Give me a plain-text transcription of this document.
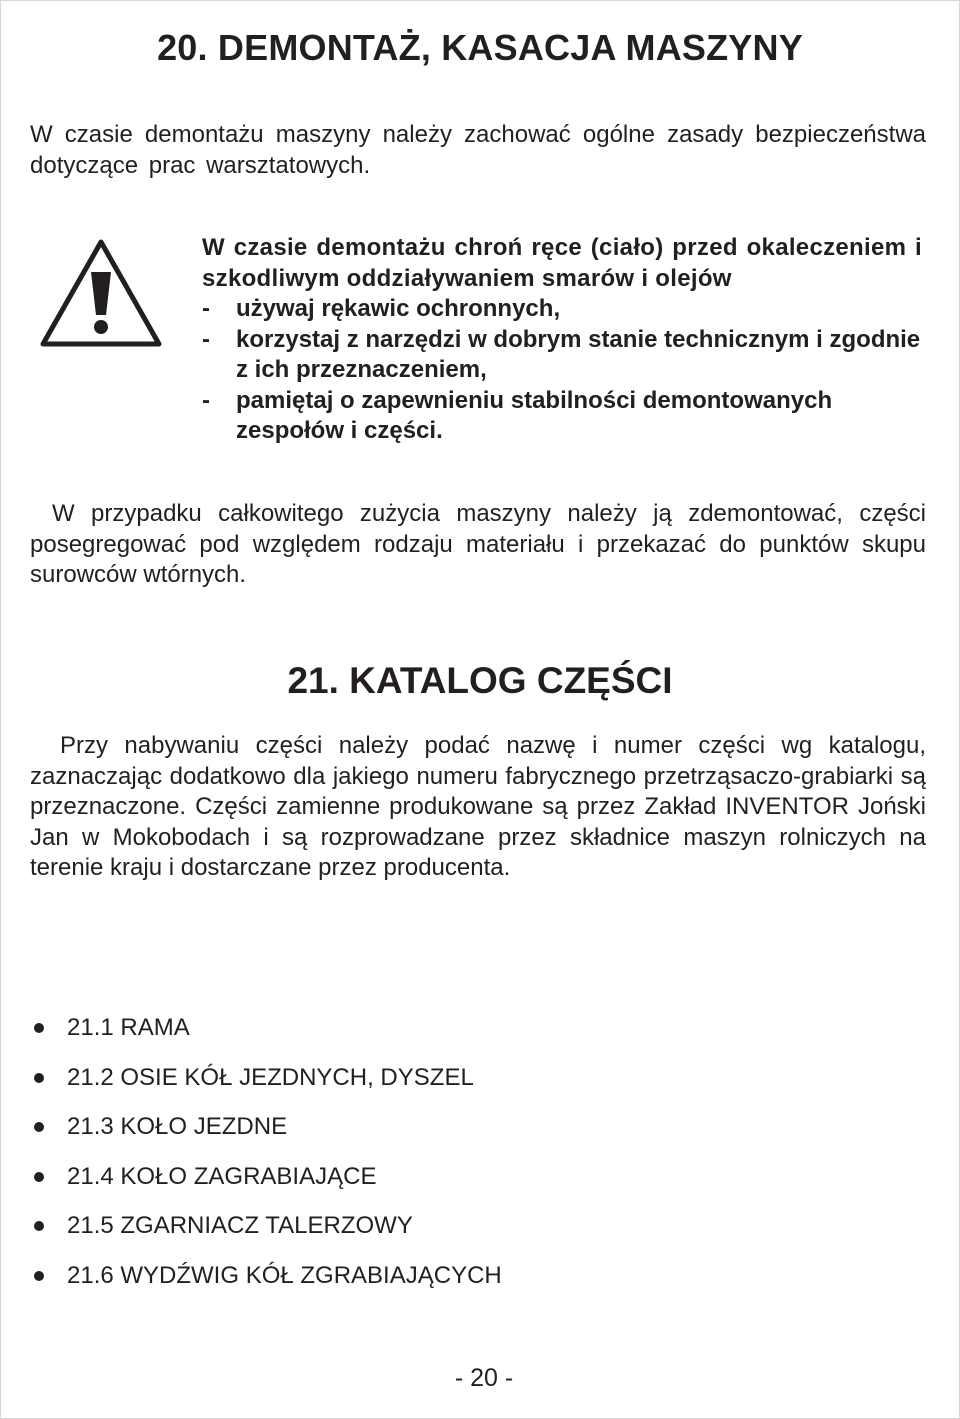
20. DEMONTAŻ, KASACJA MASZYNY

W czasie demontażu maszyny należy zachować ogólne zasady bezpieczeństwa dotyczące prac warsztatowych.

W czasie demontażu chroń ręce (ciało) przed okaleczeniem i szkodliwym oddziaływaniem smarów i olejów
- używaj rękawic ochronnych,
- korzystaj z narzędzi w dobrym stanie technicznym i zgodnie z ich przeznaczeniem,
- pamiętaj o zapewnieniu stabilności demontowanych zespołów i części.

W przypadku całkowitego zużycia maszyny należy ją zdemontować, części posegregować pod względem rodzaju materiału i przekazać do punktów skupu surowców wtórnych.

21. KATALOG CZĘŚCI

Przy nabywaniu części należy podać nazwę i numer części wg katalogu, zaznaczając dodatkowo dla jakiego numeru fabrycznego przetrząsaczo-grabiarki są przeznaczone. Części zamienne produkowane są przez Zakład INVENTOR Joński Jan w Mokobodach i są rozprowadzane przez składnice maszyn rolniczych na terenie kraju i dostarczane przez producenta.

21.1 RAMA
21.2 OSIE KÓŁ JEZDNYCH, DYSZEL
21.3 KOŁO JEZDNE
21.4 KOŁO ZAGRABIAJĄCE
21.5 ZGARNIACZ TALERZOWY
21.6 WYDŹWIG KÓŁ ZGRABIAJĄCYCH
- 20 -
